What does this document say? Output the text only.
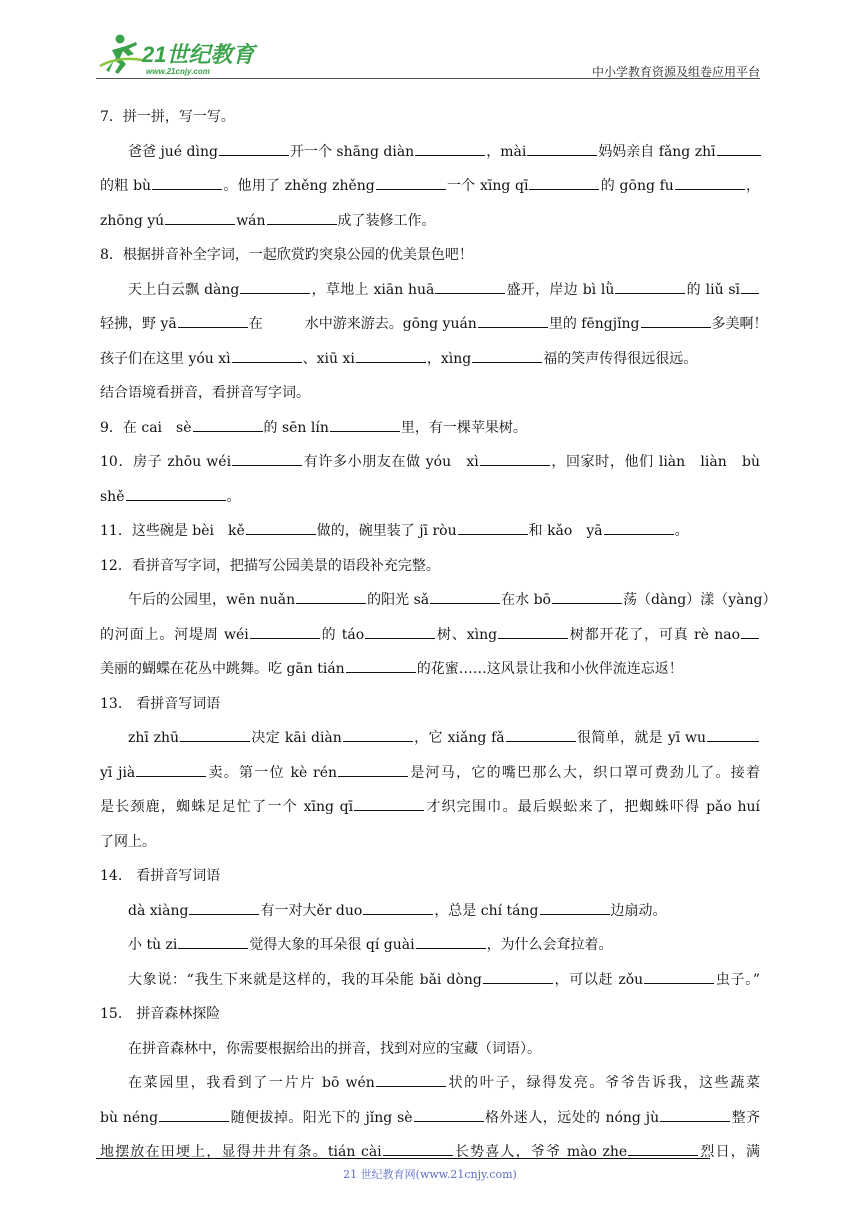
21世纪教育
www.21cnjy.com	中小学教育资源及组卷应用平台
7．拼一拼，写一写。
爸爸 jué dìng	开一个 shāng diàn	，mài	妈妈亲自 fǎng zhī
的粗 bù	。他用了 zhěng zhěng	一个 xīng qī	的 gōng fu	，
zhōng yú	wán	成了装修工作。
8．根据拼音补全字词，一起欣赏趵突泉公园的优美景色吧！
天上白云飘 dàng	，草地上 xiān huā	盛开，岸边 bì lǜ	的 liǔ sī
轻拂，野 yā	在	水中游来游去。gōng yuán	里的 fēngjǐng	多美啊！
孩子们在这里 yóu xì	、xiū xi	，xìng	福的笑声传得很远很远。
结合语境看拼音，看拼音写字词。
9．在 cai　sè	的 sēn lín	里，有一棵苹果树。
10．房子 zhōu wéi	有许多小朋友在做 yóu　xì	，回家时，他们 liàn　liàn　bù
shě	。
11．这些碗是 bèi　kě	做的，碗里装了 jī ròu	和 kǎo　yā	。
12．看拼音写字词，把描写公园美景的语段补充完整。
午后的公园里，wēn nuǎn	的阳光 sǎ	在水 bō	荡（dàng）漾（yàng）
的河面上。河堤周 wéi	的 táo	树、xìng	树都开花了，可真 rè nao
美丽的蝴蝶在花丛中跳舞。吃 gān tián	的花蜜……这风景让我和小伙伴流连忘返！
13.　看拼音写词语
zhī zhū	决定 kāi diàn	，它 xiǎng fǎ	很简单，就是 yī wu
yī jià	卖。第一位 kè rén	是河马，它的嘴巴那么大，织口罩可费劲儿了。接着
是长颈鹿，蜘蛛足足忙了一个 xīng qī	才织完围巾。最后蜈蚣来了，把蜘蛛吓得 pǎo huí
了网上。
14.　看拼音写词语
dà xiàng	有一对大ěr duo	，总是 chí táng	边扇动。
小 tù zi	觉得大象的耳朵很 qí guài	，为什么会耷拉着。
大象说：“我生下来就是这样的，我的耳朵能 bǎi dòng	，可以赶 zǒu	虫子。”
15.　拼音森林探险
在拼音森林中，你需要根据给出的拼音，找到对应的宝藏（词语）。
在菜园里，我看到了一片片 bō wén	状的叶子，绿得发亮。爷爷告诉我，这些蔬菜
bù néng	随便拔掉。阳光下的 jǐng sè	格外迷人，远处的 nóng jù	整齐
地摆放在田埂上，显得井井有条。tián cài	长势喜人，爷爷 mào zhe	烈日，满
21 世纪教育网(www.21cnjy.com)
